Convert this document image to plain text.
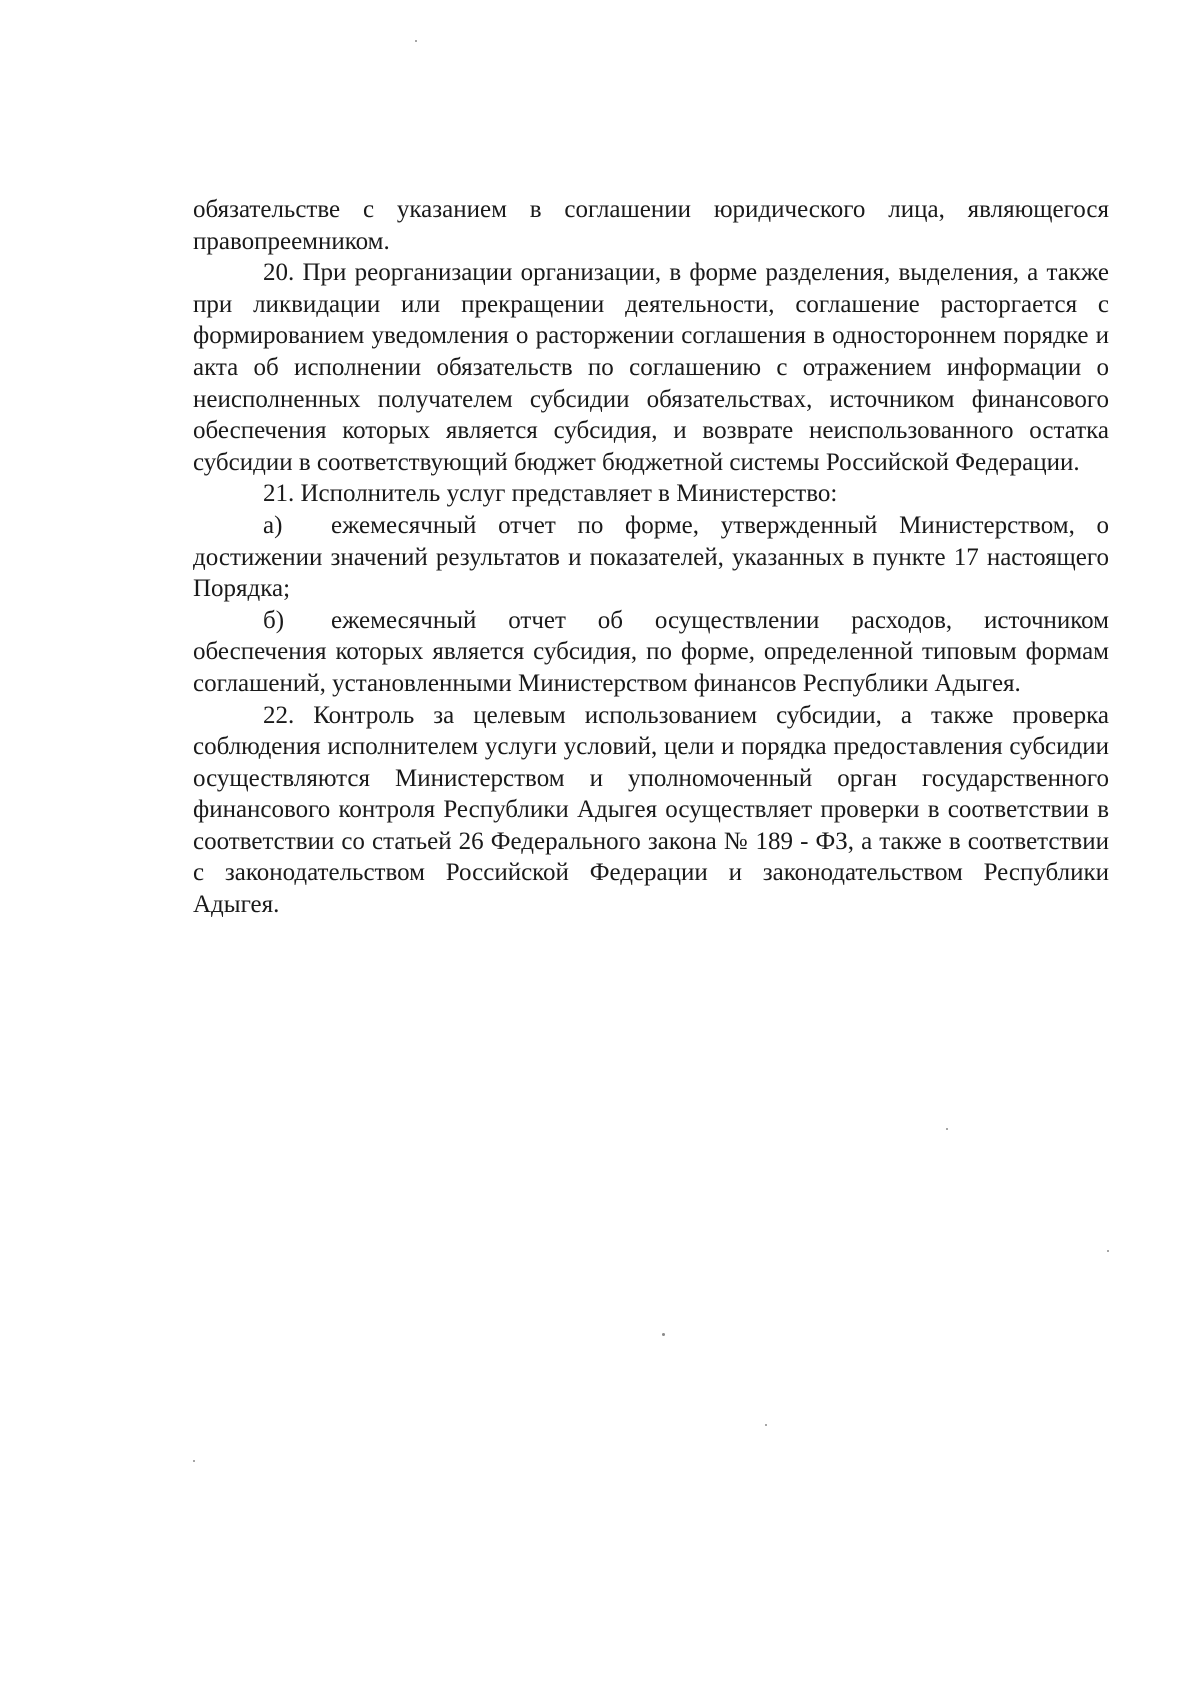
обязательстве с указанием в соглашении юридического лица, являющегося правопреемником.

20. При реорганизации организации, в форме разделения, выделения, а также при ликвидации или прекращении деятельности, соглашение расторгается с формированием уведомления о расторжении соглашения в одностороннем порядке и акта об исполнении обязательств по соглашению с отражением информации о неисполненных получателем субсидии обязательствах, источником финансового обеспечения которых является субсидия, и возврате неиспользованного остатка субсидии в соответствующий бюджет бюджетной системы Российской Федерации.

21. Исполнитель услуг представляет в Министерство:

а) ежемесячный отчет по форме, утвержденный Министерством, о достижении значений результатов и показателей, указанных в пункте 17 настоящего Порядка;

б) ежемесячный отчет об осуществлении расходов, источником обеспечения которых является субсидия, по форме, определенной типовым формам соглашений, установленными Министерством финансов Республики Адыгея.

22. Контроль за целевым использованием субсидии, а также проверка соблюдения исполнителем услуги условий, цели и порядка предоставления субсидии осуществляются Министерством и уполномоченный орган государственного финансового контроля Республики Адыгея осуществляет проверки в соответствии в соответствии со статьей 26 Федерального закона № 189 - ФЗ, а также в соответствии с законодательством Российской Федерации и законодательством Республики Адыгея.
